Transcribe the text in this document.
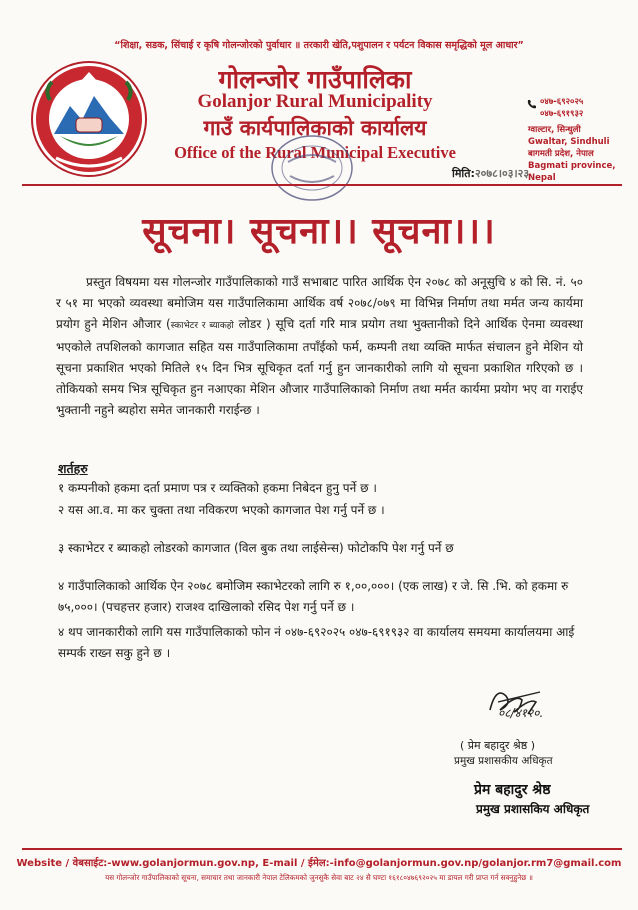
“शिक्षा, सडक, सिंचाई र कृषि गोलन्जोरको पुर्वाधार ॥ तरकारी खेति,पशुपालन र पर्यटन विकास समृद्धिको मूल आधार”
गोलन्जोर गाउँपालिका
Golanjor Rural Municipality
गाउँ कार्यपालिकाको कार्यालय
Office of the Rural Municipal Executive
०४७-६९२०२५
०४७-६९१९३२
ग्वाल्टार, सिन्धुली
Gwaltar, Sindhuli
बागमती प्रदेश, नेपाल
Bagmati province, Nepal
मिति:२०७८।०३।२३
सूचना। सूचना।। सूचना।।।

प्रस्तुत विषयमा यस गोलन्जोर गाउँपालिकाको गाउँ सभाबाट पारित आर्थिक ऐन २०७८ को अनूसुचि ४ को सि. नं. ५० र ५१ मा भएको व्यवस्था बमोजिम यस गाउँपालिकामा आर्थिक वर्ष २०७८/०७९ मा विभिन्न निर्माण तथा मर्मत जन्य कार्यमा प्रयोग हुने मेशिन औजार (स्काभेटर र ब्याकहो लोडर ) सूचि दर्ता गरि मात्र प्रयोग तथा भुक्तानीको दिने आर्थिक ऐनमा व्यवस्था भएकोले तपशिलको कागजात सहित यस गाउँपालिकामा तपाँईको फर्म, कम्पनी तथा व्यक्ति मार्फत संचालन हुने मेशिन यो सूचना प्रकाशित भएको मितिले १५ दिन भित्र सूचिकृत दर्ता गर्नु हुन जानकारीको लागि यो सूचना प्रकाशित गरिएको छ । तोकियको समय भित्र सूचिकृत हुन नआएका मेशिन औजार गाउँपालिकाको निर्माण तथा मर्मत कार्यमा प्रयोग भए वा गराईए भुक्तानी नहुने ब्यहोरा समेत जानकारी गराईन्छ ।

शर्तहरु
१ कम्पनीको हकमा दर्ता प्रमाण पत्र र व्यक्तिको हकमा निबेदन हुनु पर्ने छ ।
२ यस आ.व. मा कर चुक्ता तथा नविकरण भएको कागजात पेश गर्नु पर्ने छ ।
३ स्काभेटर र ब्याकहो लोडरको कागजात (विल बुक तथा लाईसेन्स) फोटोकपि पेश गर्नु पर्ने छ
४ गाउँपालिकाको आर्थिक ऐन २०७८ बमोजिम स्काभेटरको लागि रु १,००,०००। (एक लाख) र जे. सि .भि. को हकमा रु ७५,०००। (पचहत्तर हजार) राजश्व दाखिलाको रसिद पेश गर्नु पर्ने छ ।
४ थप जानकारीको लागि यस गाउँपालिकाको फोन नं ०४७-६९२०२५ ०४७-६९१९३२ वा कार्यालय समयमा कार्यालयमा आई सम्पर्क राख्न सकु हुने छ ।
०८/४१२०.
( प्रेम बहादुर श्रेष्ठ )
प्रमुख प्रशासकीय अधिकृत
प्रेम बहादुर श्रेष्ठ
प्रमुख प्रशासकिय अधिकृत
Website / वेबसाईट:-www.golanjormun.gov.np, E-mail / ईमेल:-info@golanjormun.gov.np/golanjor.rm7@gmail.com
यस गोलन्जोर गाउँपालिकाको सूचना, समाचार तथा जानकारी नेपाल टेलिकमको जुनसुकै सेवा बाट २४ सै घण्टा १६१८०४७६९२०२५ मा डायल गरी प्राप्त गर्न सक्नुहुनेछ ॥
